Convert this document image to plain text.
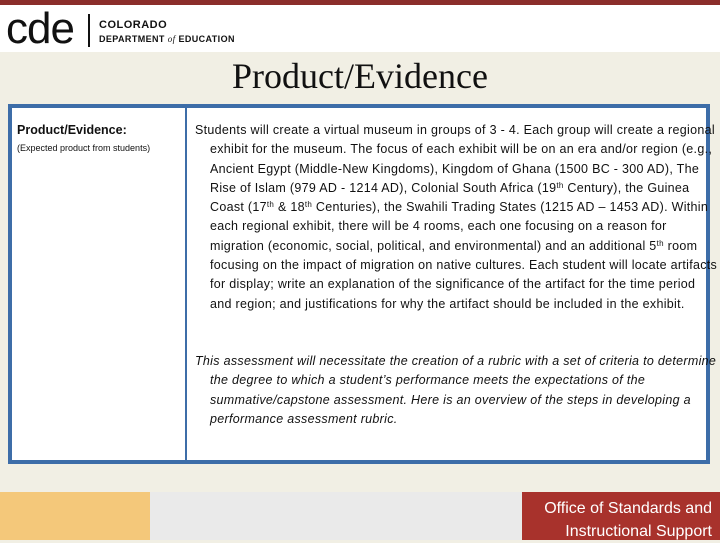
cde COLORADO
DEPARTMENT of EDUCATION
Product/Evidence
Product/Evidence:
(Expected product from students)
Students will create a virtual museum in groups of 3 - 4. Each group will create a regional exhibit for the museum. The focus of each exhibit will be on an era and/or region (e.g., Ancient Egypt (Middle-New Kingdoms), Kingdom of Ghana (1500 BC - 300 AD), The Rise of Islam (979 AD - 1214 AD), Colonial South Africa (19th Century), the Guinea Coast (17th & 18th Centuries), the Swahili Trading States (1215 AD – 1453 AD). Within each regional exhibit, there will be 4 rooms, each one focusing on a reason for migration (economic, social, political, and environmental) and an additional 5th room focusing on the impact of migration on native cultures. Each student will locate artifacts for display; write an explanation of the significance of the artifact for the time period and region; and justifications for why the artifact should be included in the exhibit.
This assessment will necessitate the creation of a rubric with a set of criteria to determine the degree to which a student’s performance meets the expectations of the summative/capstone assessment. Here is an overview of the steps in developing a performance assessment rubric.
Office of Standards and
Instructional Support
